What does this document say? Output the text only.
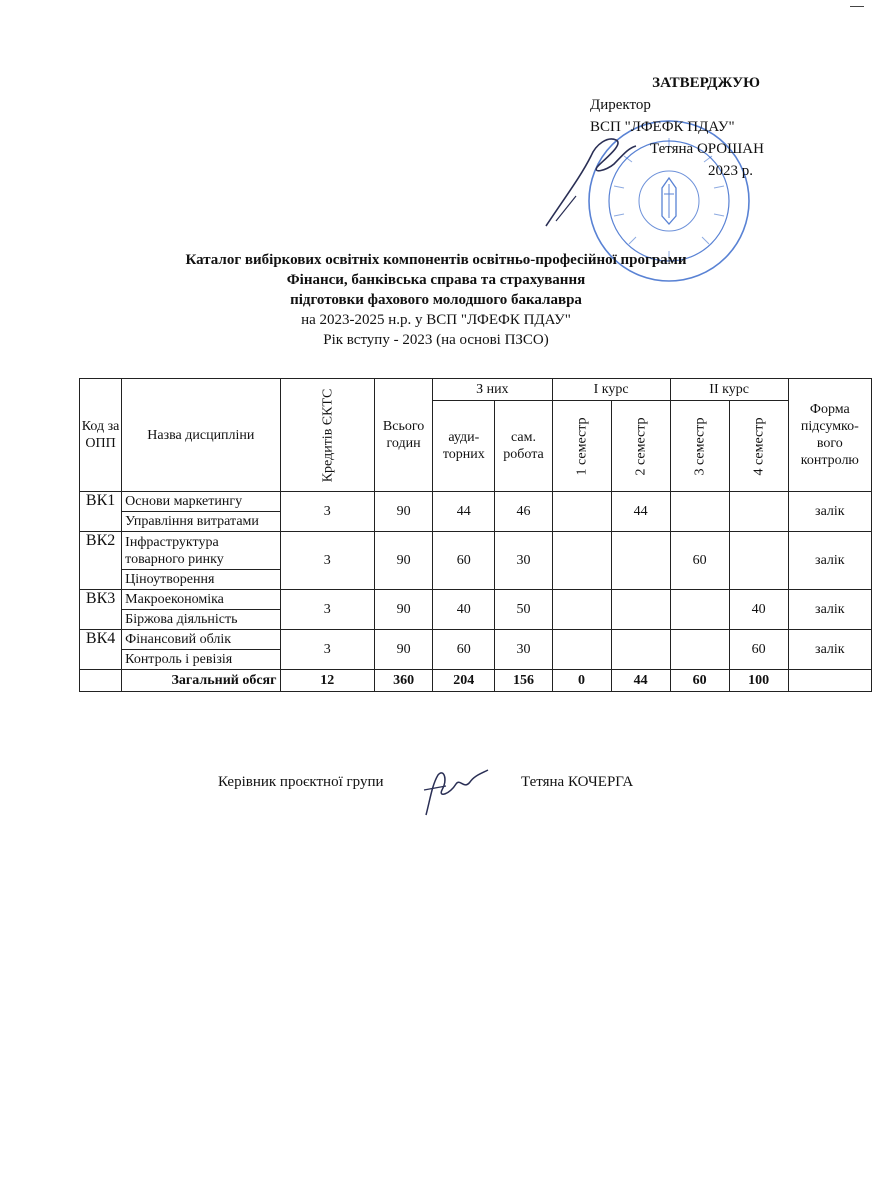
ЗАТВЕРДЖУЮ
Директор
ВСП "ЛФЕФК ПДАУ"
Тетяна ОРОШАН
2023 р.
Каталог вибіркових освітніх компонентів освітньо-професійної програми
Фінанси, банківська справа та страхування
підготовки фахового молодшого бакалавра
на 2023-2025 н.р. у ВСП "ЛФЕФК ПДАУ"
Рік вступу - 2023 (на основі ПЗСО)
Код за ОПП	Назва дисципліни	Кредитів ЄКТС	Всього годин	З них		І курс		ІІ курс		Форма підсумко-вого контролю
				ауди-торних	сам. робота	1 семестр	2 семестр	3 семестр	4 семестр	
ВК1	Основи маркетингу	3	90	44	46		44			залік
	Управління витратами									
ВК2	Інфраструктура товарного ринку	3	90	60	30			60		залік
	Ціноутворення									
ВК3	Макроекономіка	3	90	40	50				40	залік
	Біржова діяльність									
ВК4	Фінансовий облік	3	90	60	30				60	залік
	Контроль і ревізія									
	Загальний обсяг	12	360	204	156	0	44	60	100	
Керівник проєктної групи	Тетяна КОЧЕРГА
